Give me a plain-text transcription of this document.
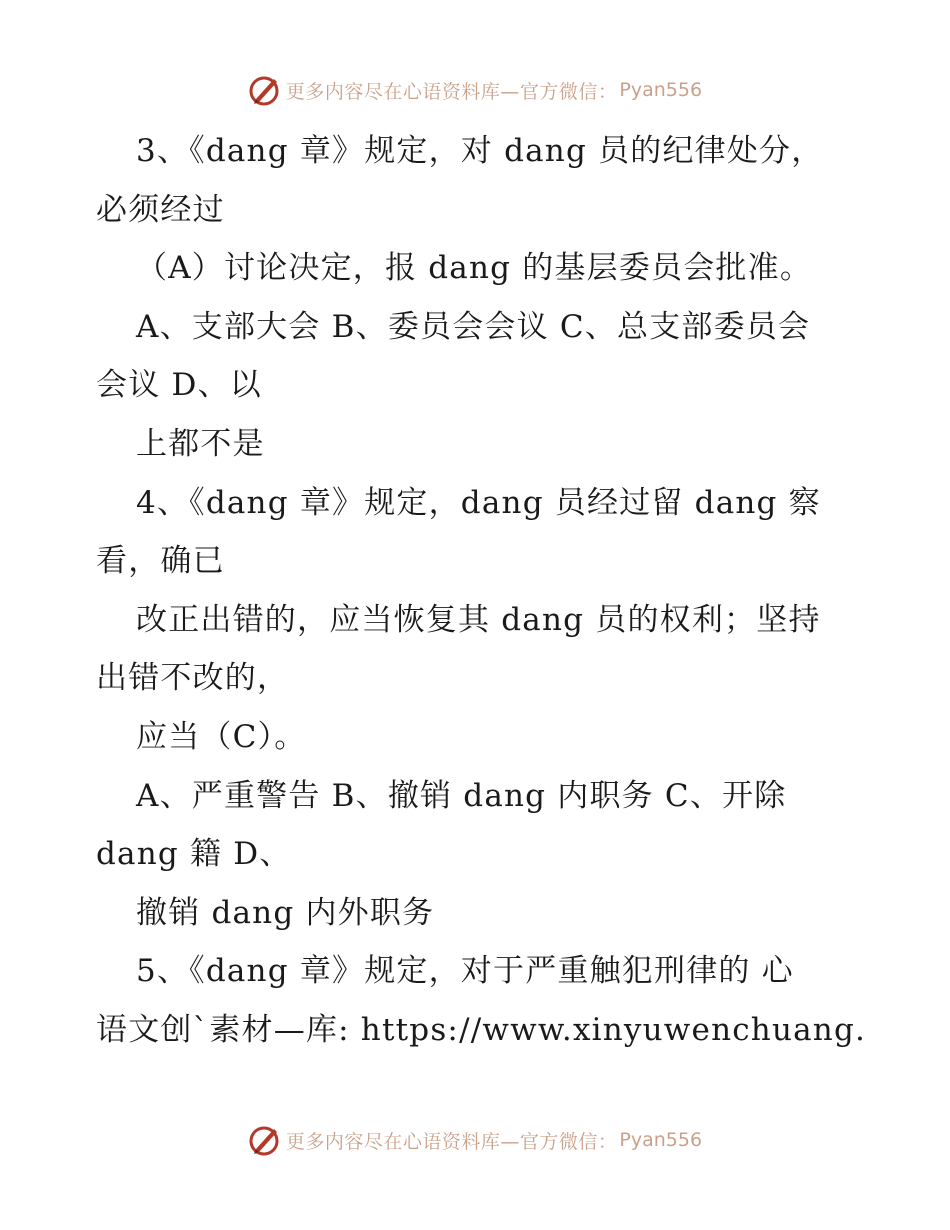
更多内容尽在心语资料库—官方微信： Pyan556
3、《dang 章》规定，对 dang 员的纪律处分，
必须经过
（A）讨论决定，报 dang 的基层委员会批准。
A、支部大会 B、委员会会议 C、总支部委员会
会议 D、以
上都不是
4、《dang 章》规定，dang 员经过留 dang 察
看，确已
改正出错的，应当恢复其 dang 员的权利；坚持
出错不改的，
应当（C）。
A、严重警告 B、撤销 dang 内职务 C、开除
dang 籍 D、
撤销 dang 内外职务
5、《dang 章》规定，对于严重触犯刑律的 心
语文创`素材—库: https://www.xinyuwenchuang.
更多内容尽在心语资料库—官方微信： Pyan556
